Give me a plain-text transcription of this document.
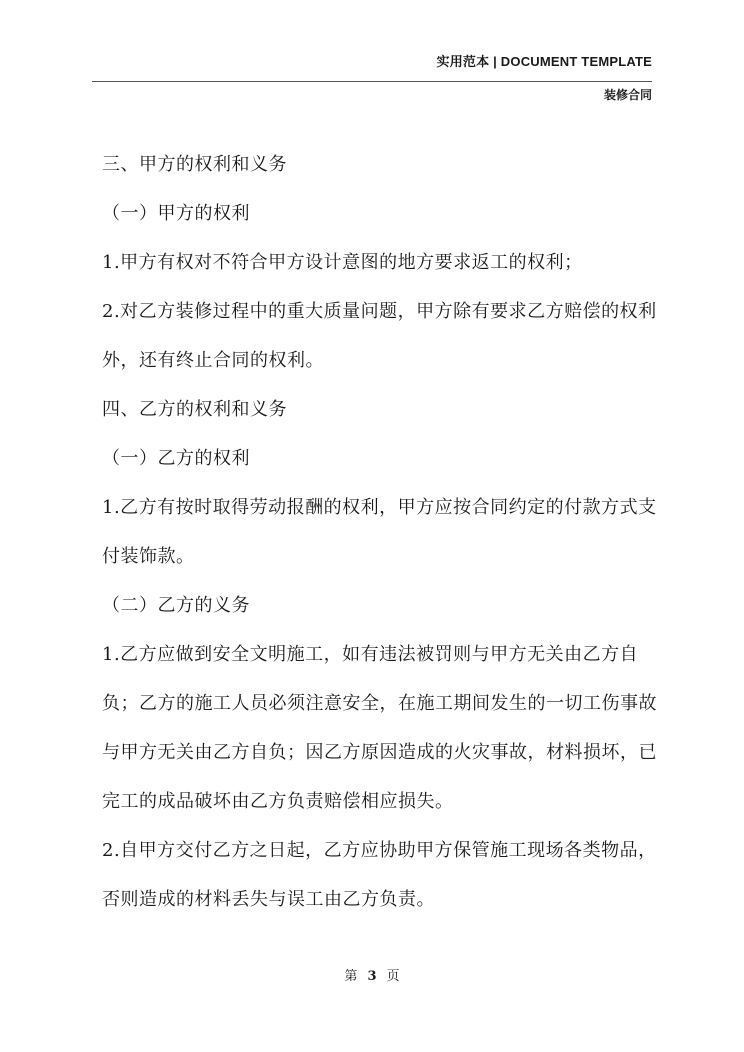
实用范本 | DOCUMENT TEMPLATE
装修合同

三、甲方的权利和义务

（一）甲方的权利

1.甲方有权对不符合甲方设计意图的地方要求返工的权利；

2.对乙方装修过程中的重大质量问题，甲方除有要求乙方赔偿的权利外，还有终止合同的权利。

四、乙方的权利和义务

（一）乙方的权利

1.乙方有按时取得劳动报酬的权利，甲方应按合同约定的付款方式支付装饰款。

（二）乙方的义务

1.乙方应做到安全文明施工，如有违法被罚则与甲方无关由乙方自负；乙方的施工人员必须注意安全，在施工期间发生的一切工伤事故与甲方无关由乙方自负；因乙方原因造成的火灾事故，材料损坏，已完工的成品破坏由乙方负责赔偿相应损失。

2.自甲方交付乙方之日起，乙方应协助甲方保管施工现场各类物品，否则造成的材料丢失与误工由乙方负责。

第 3 页
